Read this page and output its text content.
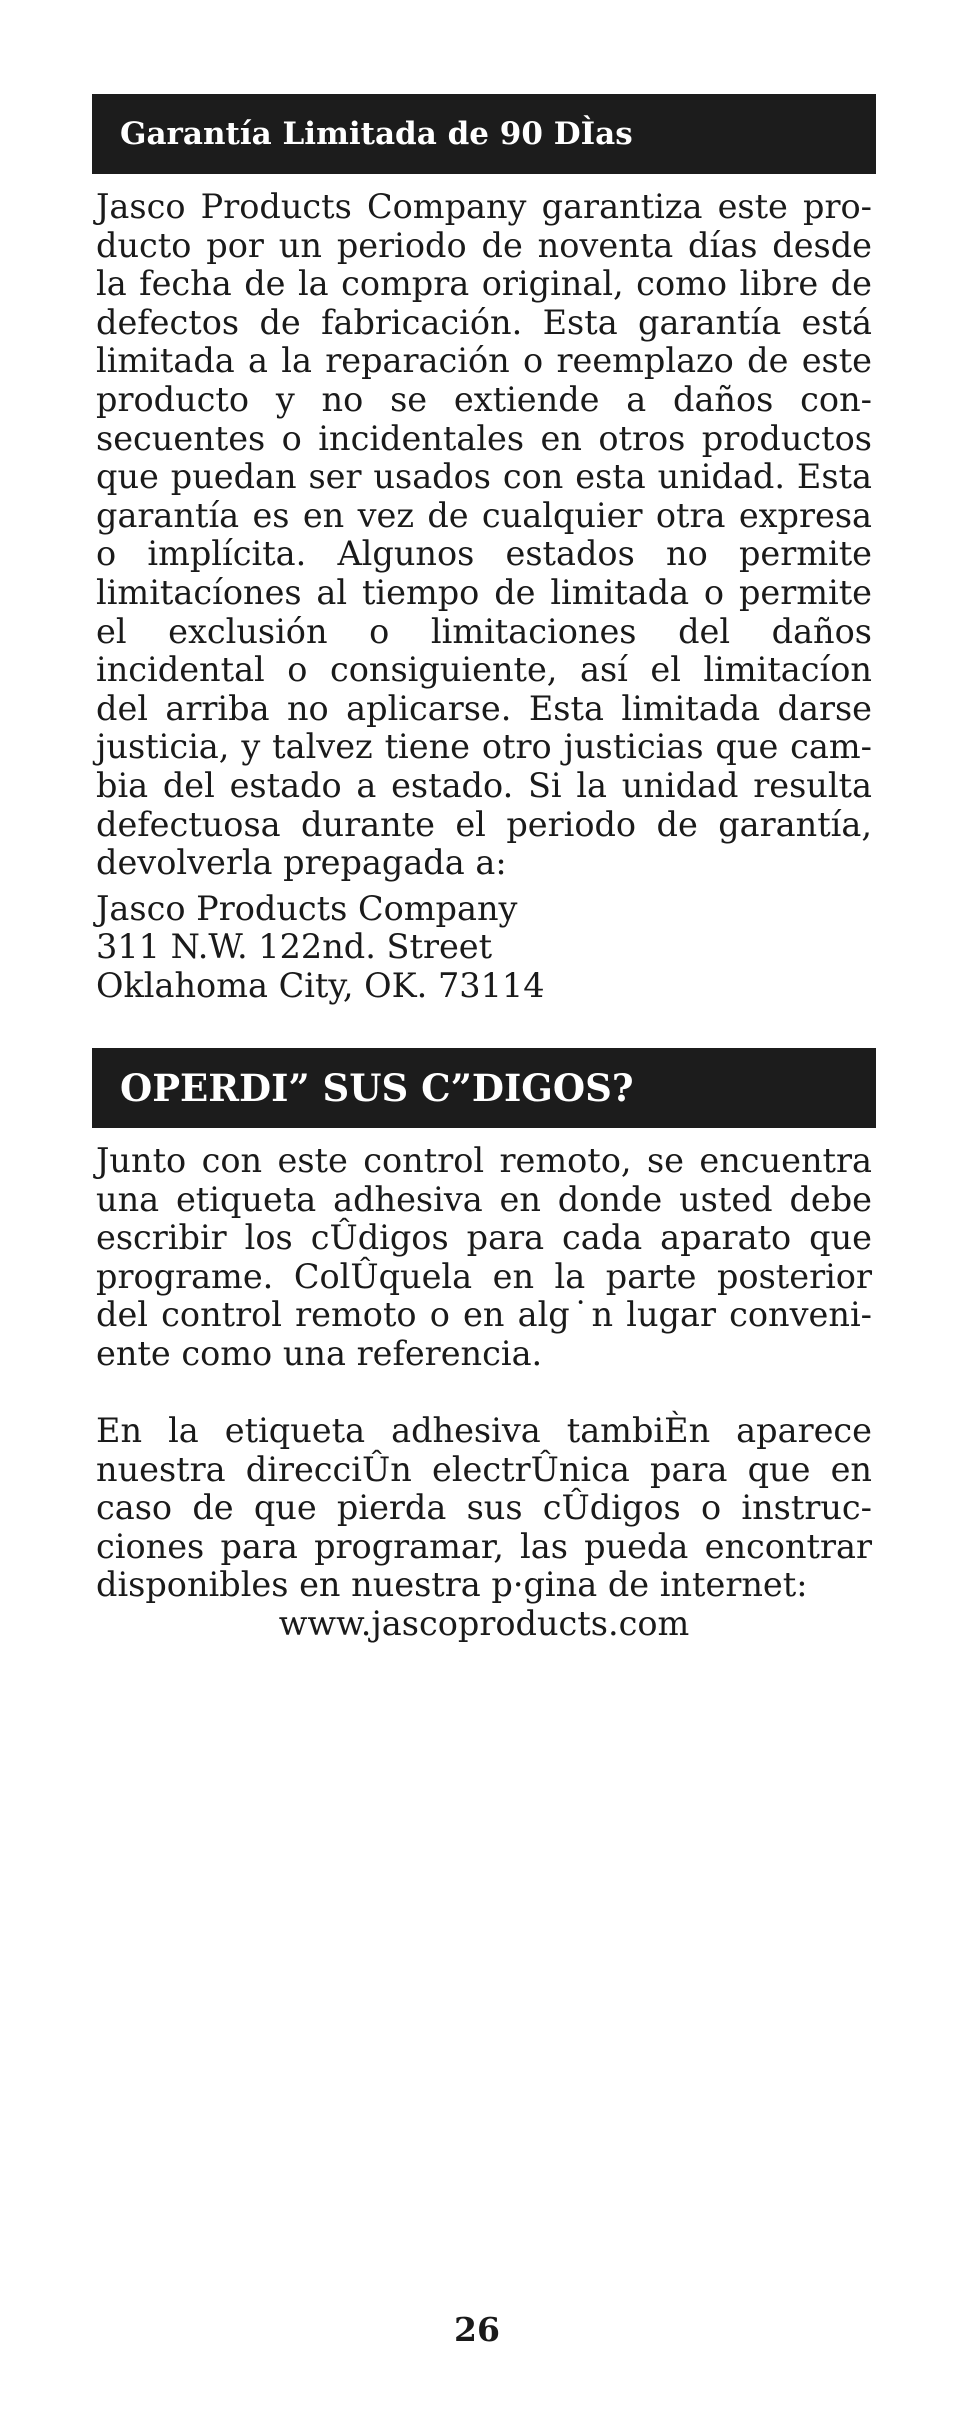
Garantía Limitada de 90 DÌas

Jasco Products Company garantiza este producto por un periodo de noventa días desde la fecha de la compra original, como libre de defectos de fabricación. Esta garantía está limitada a la reparación o reemplazo de este producto y no se extiende a daños consecuentes o incidentales en otros productos que puedan ser usados con esta unidad. Esta garantía es en vez de cualquier otra expresa o implícita. Algunos estados no permite limitacíones al tiempo de limitada o permite el exclusión o limitaciones del daños incidental o consiguiente, así el limitacíon del arriba no aplicarse. Esta limitada darse justicia, y talvez tiene otro justicias que cambia del estado a estado. Si la unidad resulta defectuosa durante el periodo de garantía, devolverla prepagada a:

Jasco Products Company

311 N.W. 122nd. Street

Oklahoma City, OK. 73114

OPERDI” SUS C”DIGOS?

Junto con este control remoto, se encuentra una etiqueta adhesiva en donde usted debe escribir los cÛdigos para cada aparato que programe. ColÛquela en la parte posterior del control remoto o en alg˙n lugar conveniente como una referencia.

En la etiqueta adhesiva tambiÈn aparece nuestra direcciÛn electrÛnica para que en caso de que pierda sus cÛdigos o instrucciones para programar, las pueda encontrar disponibles en nuestra p·gina de internet:

www.jascoproducts.com

26
